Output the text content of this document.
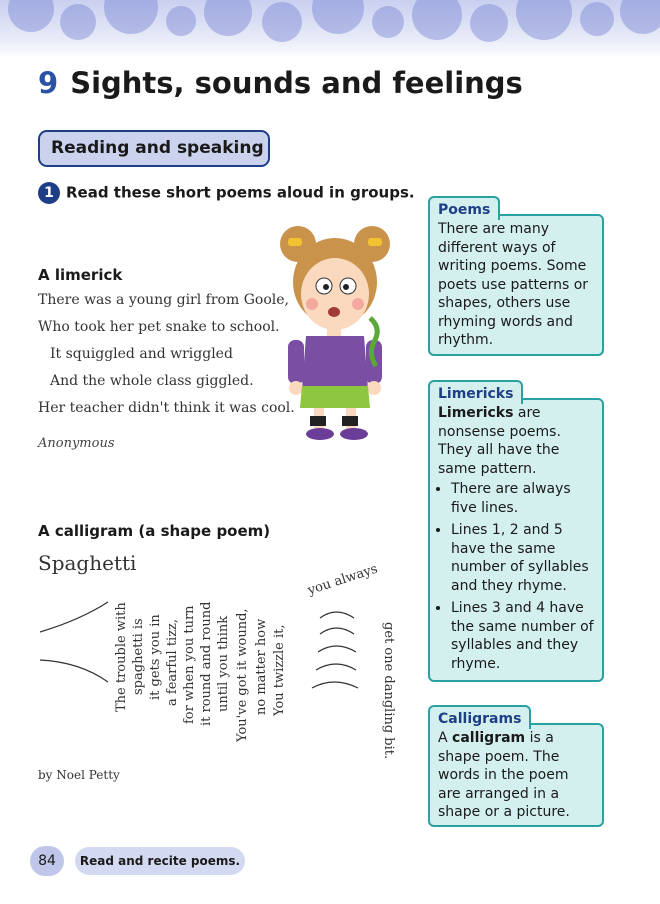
9 Sights, sounds and feelings
Reading and speaking
1 Read these short poems aloud in groups.
A limerick
There was a young girl from Goole,
Who took her pet snake to school.
It squiggled and wriggled
And the whole class giggled.
Her teacher didn't think it was cool.
Anonymous
A calligram (a shape poem)
Spaghetti
The trouble with spaghetti is it gets you in a fearful tizz, for when you turn it round and round until you think You've got it wound, no matter how You twizzle it,
you always
get one dangling bit.
by Noel Petty
Poems
There are many different ways of writing poems. Some poets use patterns or shapes, others use rhyming words and rhythm.
Limericks
Limericks are nonsense poems. They all have the same pattern.
• There are always five lines.
• Lines 1, 2 and 5 have the same number of syllables and they rhyme.
• Lines 3 and 4 have the same number of syllables and they rhyme.
Calligrams
A calligram is a shape poem. The words in the poem are arranged in a shape or a picture.
84	Read and recite poems.
